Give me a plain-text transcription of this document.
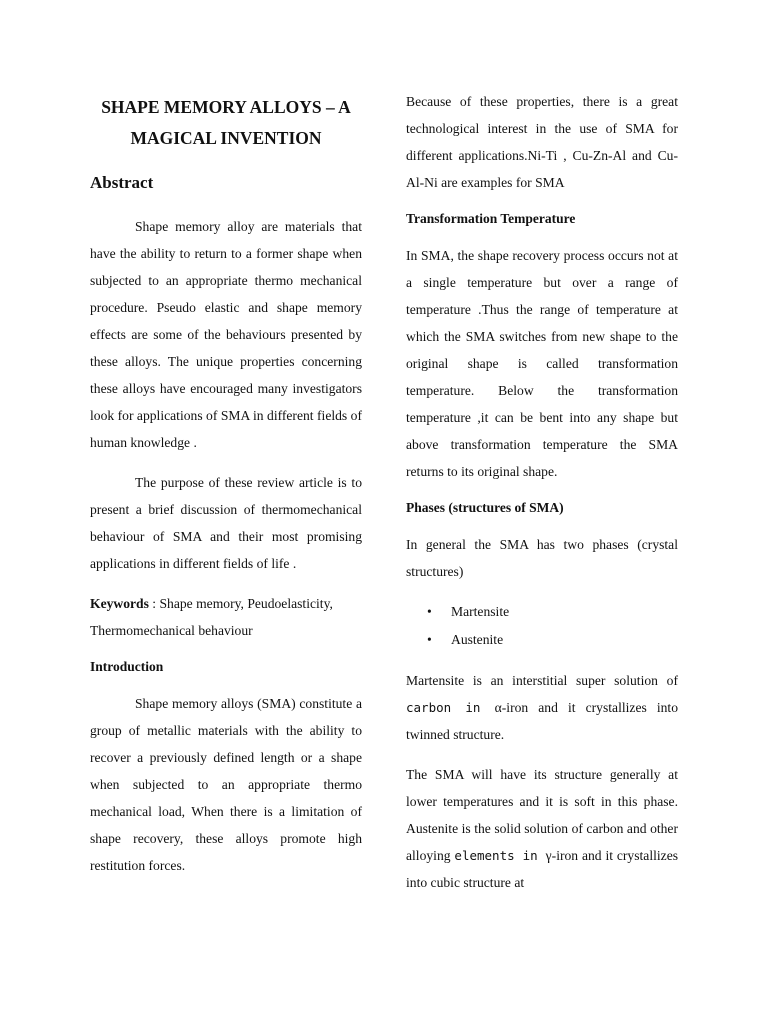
SHAPE MEMORY ALLOYS – A MAGICAL INVENTION
Abstract

Shape memory alloy are materials that have the ability to return to a former shape when subjected to an appropriate thermo mechanical procedure. Pseudo elastic and shape memory effects are some of the behaviours presented by these alloys. The unique properties concerning these alloys have encouraged many investigators look for applications of SMA in different fields of human knowledge .

The purpose of these review article is to present a brief discussion of thermomechanical behaviour of SMA and their most promising applications in different fields of life .

Keywords : Shape memory, Peudoelasticity, Thermomechanical behaviour

Introduction

Shape memory alloys (SMA) constitute a group of metallic materials with the ability to recover a previously defined length or a shape when subjected to an appropriate thermo mechanical load, When there is a limitation of shape recovery, these alloys promote high restitution forces.

Because of these properties, there is a great technological interest in the use of SMA for different applications.Ni-Ti , Cu-Zn-Al and Cu-Al-Ni are examples for SMA

Transformation Temperature

In SMA, the shape recovery process occurs not at a single temperature but over a range of temperature .Thus the range of temperature at which the SMA switches from new shape to the original shape is called transformation temperature. Below the transformation temperature ,it can be bent into any shape but above transformation temperature the SMA returns to its original shape.

Phases (structures of SMA)

In general the SMA has two phases (crystal structures)

• Martensite
• Austenite

Martensite is an interstitial super solution of carbon in α-iron and it crystallizes into twinned structure.

The SMA will have its structure generally at lower temperatures and it is soft in this phase. Austenite is the solid solution of carbon and other alloying elements in γ-iron and it crystallizes into cubic structure at
